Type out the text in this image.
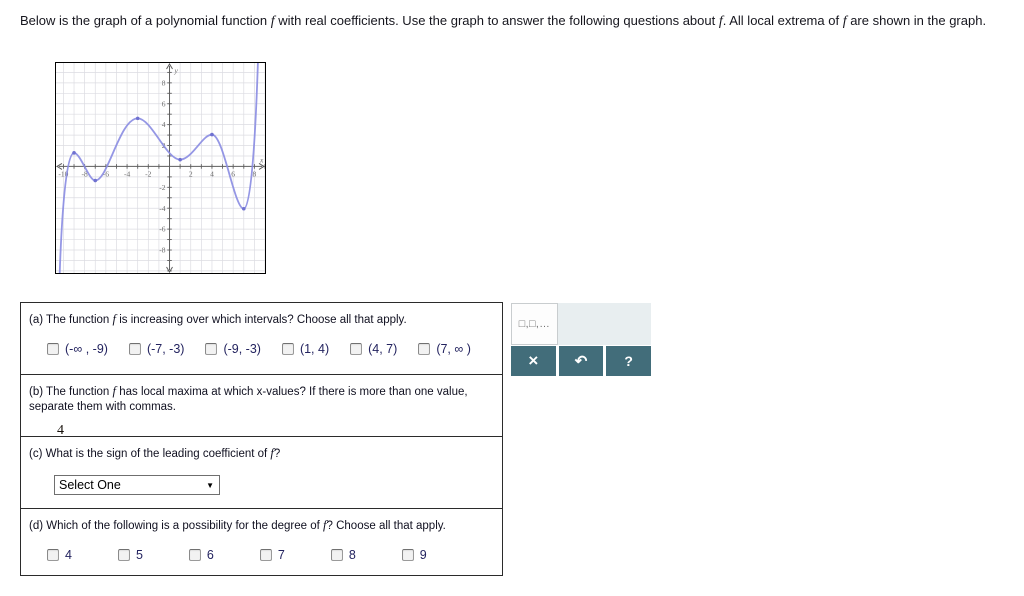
Below is the graph of a polynomial function f with real coefficients. Use the graph to answer the following questions about f. All local extrema of f are shown in the graph.

-10 -8 -6 -4 -2	2 4 6 8
8
6
4
2
-2
-4
-6
-8
x
y
(a) The function f is increasing over which intervals? Choose all that apply.
(-∞ , -9)	(-7, -3)	(-9, -3)	(1, 4)	(4, 7)	(7, ∞ )
(b) The function f has local maxima at which x-values? If there is more than one value, separate them with commas.
4
(c) What is the sign of the leading coefficient of f?
Select One	▼
(d) Which of the following is a possibility for the degree of f? Choose all that apply.
4	5	6	7	8	9
□,□,…
× ↶	?
